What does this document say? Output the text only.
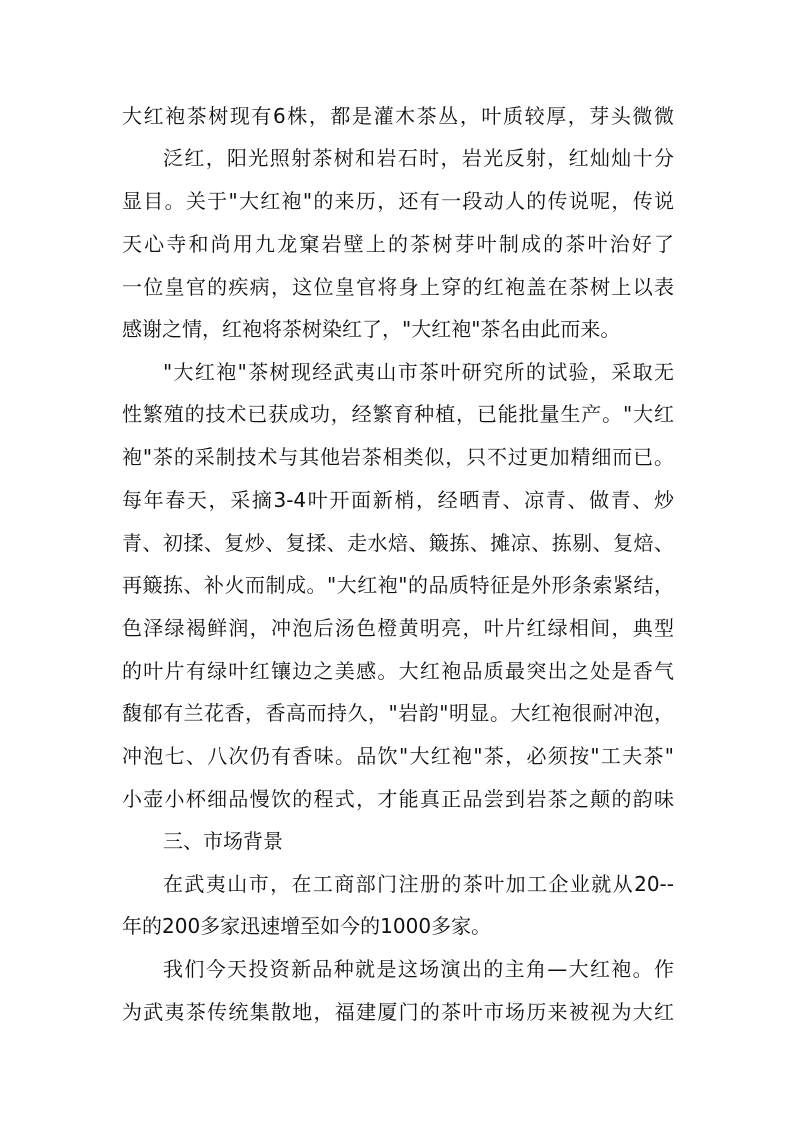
大红袍茶树现有6株，都是灌木茶丛，叶质较厚，芽头微微
泛红，阳光照射茶树和岩石时，岩光反射，红灿灿十分
显目。关于"大红袍"的来历，还有一段动人的传说呢，传说
天心寺和尚用九龙窠岩壁上的茶树芽叶制成的茶叶治好了
一位皇官的疾病，这位皇官将身上穿的红袍盖在茶树上以表
感谢之情，红袍将茶树染红了，"大红袍"茶名由此而来。
"大红袍"茶树现经武夷山市茶叶研究所的试验，采取无
性繁殖的技术已获成功，经繁育种植，已能批量生产。"大红
袍"茶的采制技术与其他岩茶相类似，只不过更加精细而已。
每年春天，采摘3-4叶开面新梢，经晒青、凉青、做青、炒
青、初揉、复炒、复揉、走水焙、簸拣、摊凉、拣剔、复焙、
再簸拣、补火而制成。"大红袍"的品质特征是外形条索紧结，
色泽绿褐鲜润，冲泡后汤色橙黄明亮，叶片红绿相间，典型
的叶片有绿叶红镶边之美感。大红袍品质最突出之处是香气
馥郁有兰花香，香高而持久，"岩韵"明显。大红袍很耐冲泡，
冲泡七、八次仍有香味。品饮"大红袍"茶，必须按"工夫茶"
小壶小杯细品慢饮的程式，才能真正品尝到岩茶之颠的韵味
三、市场背景
在武夷山市，在工商部门注册的茶叶加工企业就从20--
年的200多家迅速增至如今的1000多家。
我们今天投资新品种就是这场演出的主角—大红袍。作
为武夷茶传统集散地，福建厦门的茶叶市场历来被视为大红
